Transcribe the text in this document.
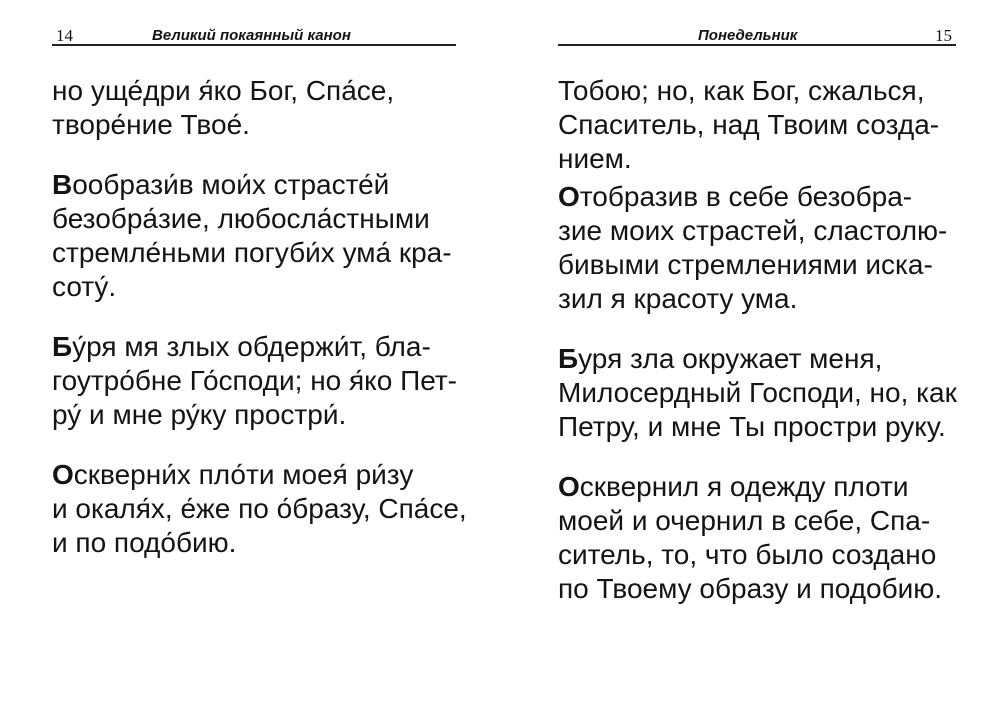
14	Великий покаянный канон

но уще́дри я́ко Бог, Спа́се,
творе́ние Твое́.

Вообрази́в мои́х страсте́й
безобра́зие, любосла́стными
стремле́ньми погуби́х ума́ кра-
соту́.

Бу́ря мя злых обдержи́т, бла-
гоутро́бне Го́споди; но я́ко Пет-
ру́ и мне ру́ку простри́.

Оскверни́х пло́ти моея́ ри́зу
и окаля́х, е́же по о́бразу, Спа́се,
и по подо́бию.

Понедельник	15

Тобою; но, как Бог, сжалься,
Спаситель, над Твоим созда-
нием.

Отобразив в себе безобра-
зие моих страстей, сластолю-
бивыми стремлениями иска-
зил я красоту ума.

Буря зла окружает меня,
Милосердный Господи, но, как
Петру, и мне Ты простри руку.

Осквернил я одежду плоти
моей и очернил в себе, Спа-
ситель, то, что было создано
по Твоему образу и подобию.
